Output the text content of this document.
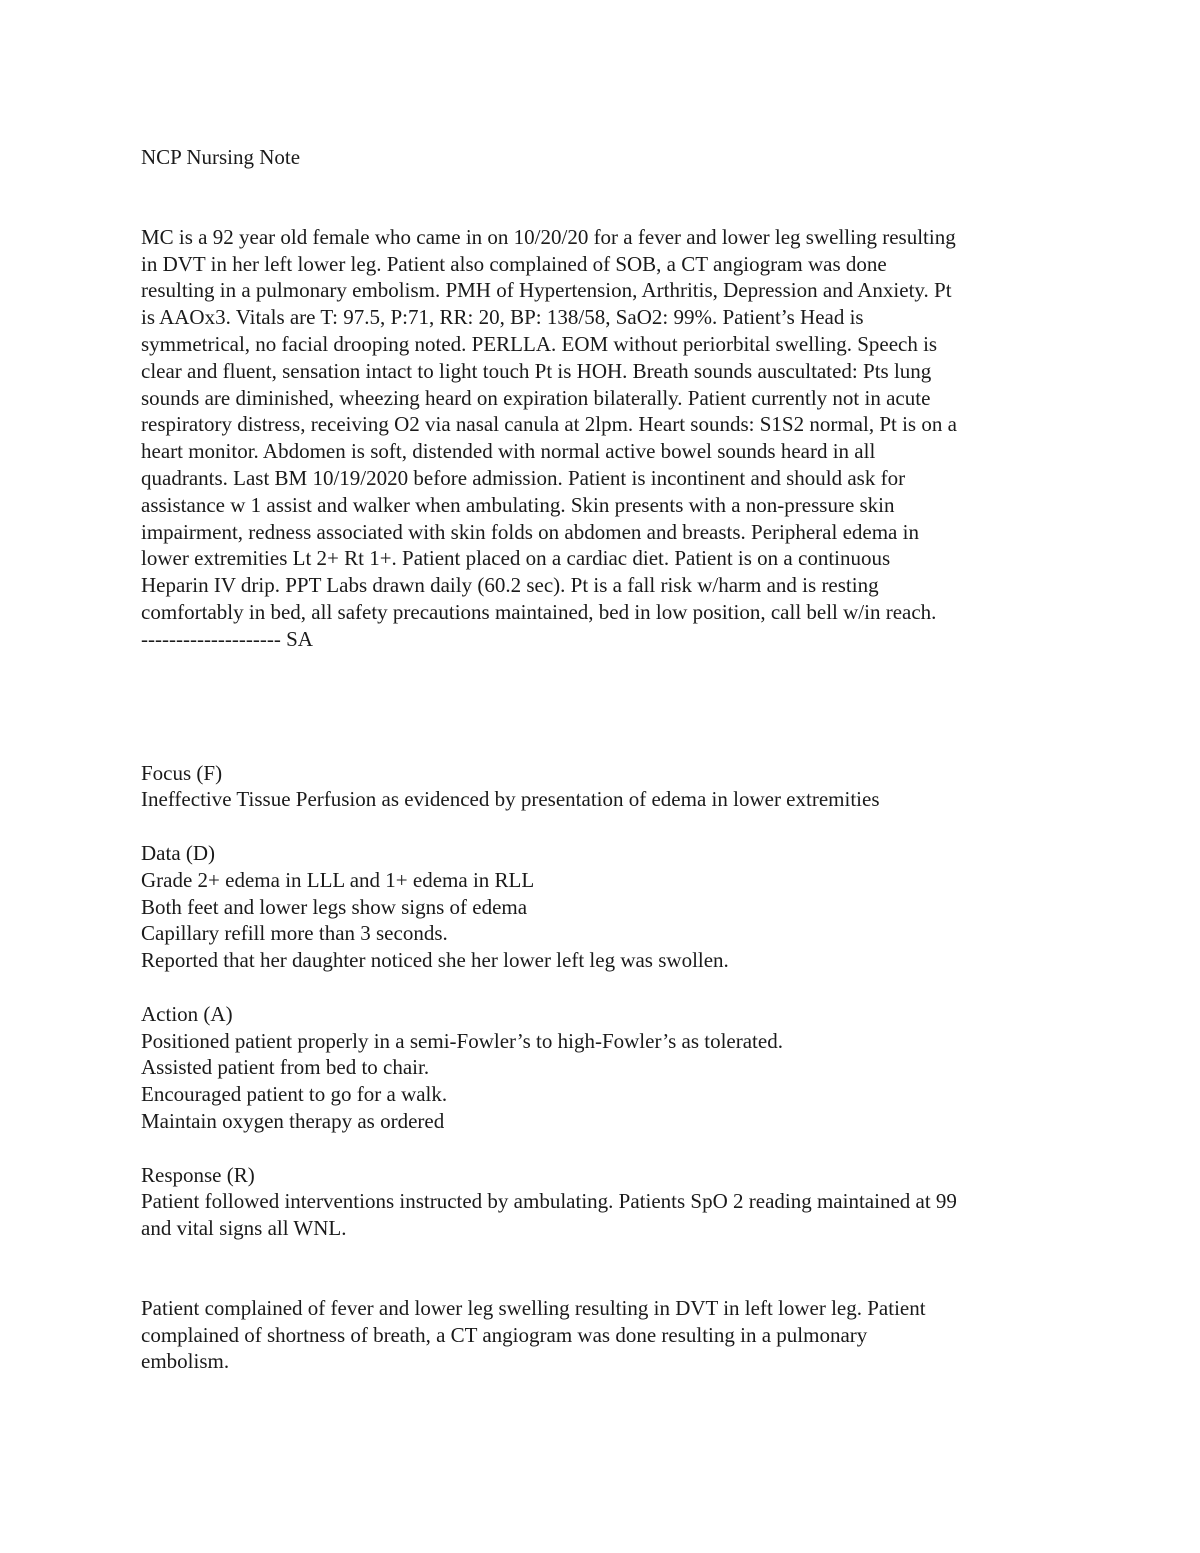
NCP Nursing Note
MC is a 92 year old female who came in on 10/20/20 for a fever and lower leg swelling resulting
in DVT in her left lower leg. Patient also complained of SOB, a CT angiogram was done
resulting in a pulmonary embolism. PMH of Hypertension, Arthritis, Depression and Anxiety. Pt
is AAOx3. Vitals are T: 97.5, P:71, RR: 20, BP: 138/58, SaO2: 99%. Patient’s Head is
symmetrical, no facial drooping noted. PERLLA. EOM without periorbital swelling. Speech is
clear and fluent, sensation intact to light touch Pt is HOH. Breath sounds auscultated: Pts lung
sounds are diminished, wheezing heard on expiration bilaterally. Patient currently not in acute
respiratory distress, receiving O2 via nasal canula at 2lpm. Heart sounds: S1S2 normal, Pt is on a
heart monitor. Abdomen is soft, distended with normal active bowel sounds heard in all
quadrants. Last BM 10/19/2020 before admission. Patient is incontinent and should ask for
assistance w 1 assist and walker when ambulating. Skin presents with a non-pressure skin
impairment, redness associated with skin folds on abdomen and breasts. Peripheral edema in
lower extremities Lt 2+ Rt 1+. Patient placed on a cardiac diet. Patient is on a continuous
Heparin IV drip. PPT Labs drawn daily (60.2 sec). Pt is a fall risk w/harm and is resting
comfortably in bed, all safety precautions maintained, bed in low position, call bell w/in reach.
-------------------- SA
Focus (F)
Ineffective Tissue Perfusion as evidenced by presentation of edema in lower extremities
Data (D)
Grade 2+ edema in LLL and 1+ edema in RLL
Both feet and lower legs show signs of edema
Capillary refill more than 3 seconds.
Reported that her daughter noticed she her lower left leg was swollen.
Action (A)
Positioned patient properly in a semi-Fowler’s to high-Fowler’s as tolerated.
Assisted patient from bed to chair.
Encouraged patient to go for a walk.
Maintain oxygen therapy as ordered
Response (R)
Patient followed interventions instructed by ambulating. Patients SpO 2 reading maintained at 99
and vital signs all WNL.
Patient complained of fever and lower leg swelling resulting in DVT in left lower leg. Patient
complained of shortness of breath, a CT angiogram was done resulting in a pulmonary
embolism.
